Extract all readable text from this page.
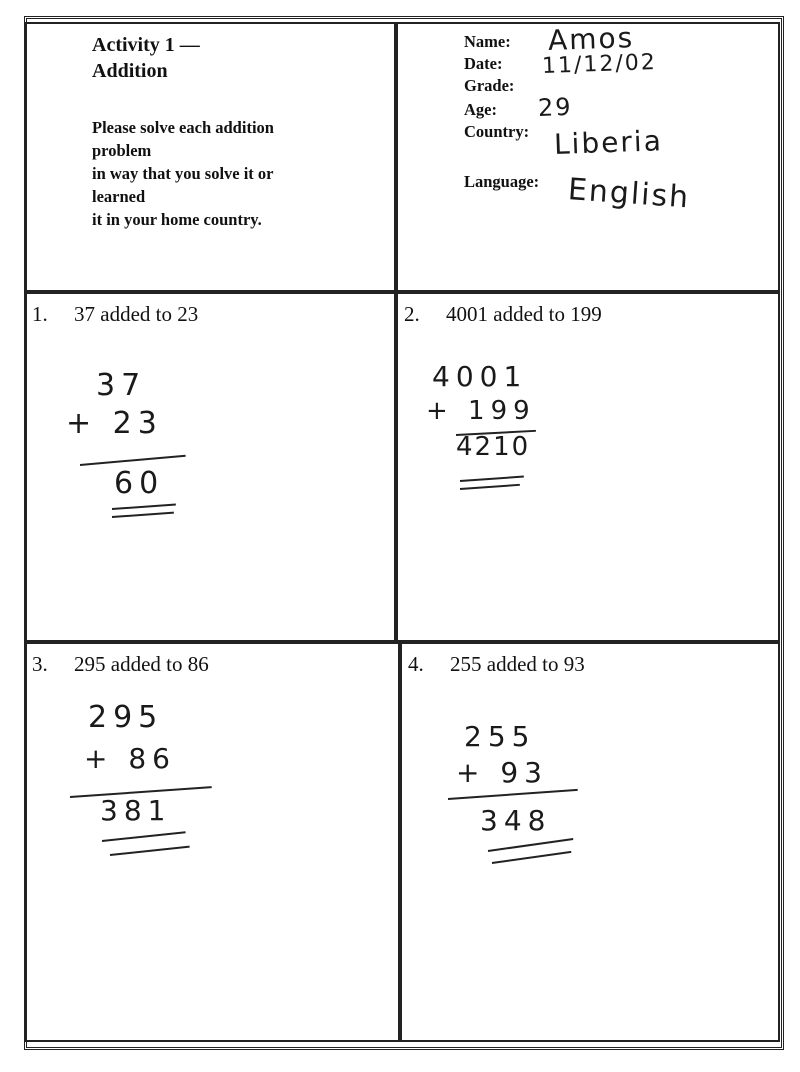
Activity 1 —
Addition
Please solve each addition
problem
in way that you solve it or
learned
it in your home country.
Name: Amos
Date: 11/12/02
Grade:
Age: 29
Country: Liberia
Language: English
1. 37 added to 23
37
+ 23
60
2. 4001 added to 199
4001
+ 199
4210
3. 295 added to 86
295
+ 86
381
4. 255 added to 93
255
+ 93
348
